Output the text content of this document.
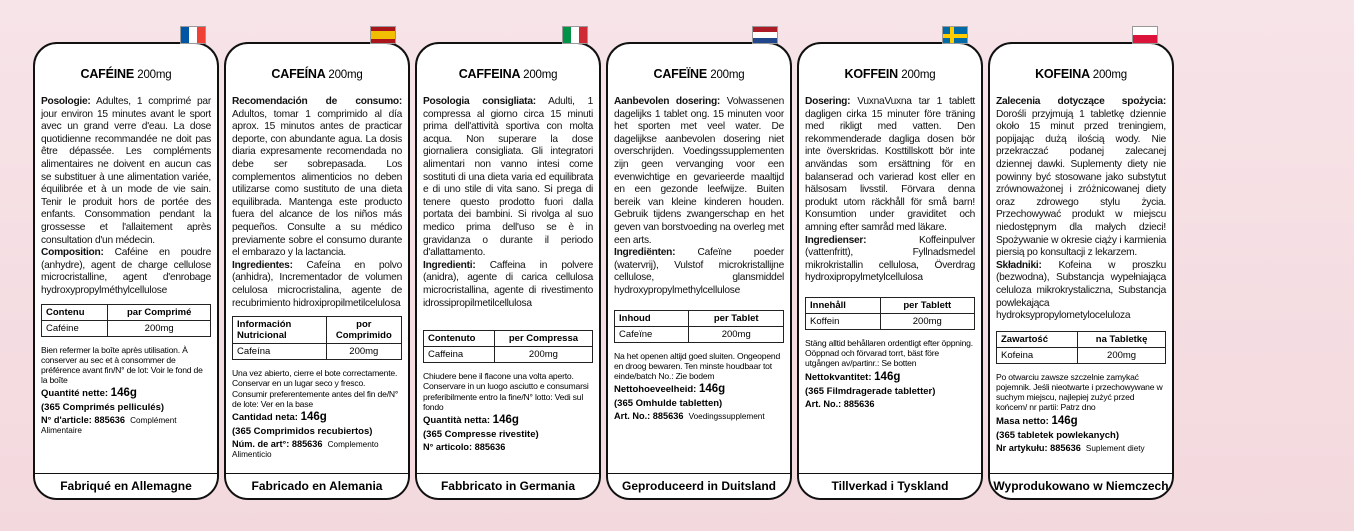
CAFÉINE 200mg

Posologie: Adultes, 1 comprimé par jour environ 15 minutes avant le sport avec un grand verre d'eau. La dose quotidienne recommandée ne doit pas être dépassée. Les compléments alimentaires ne doivent en aucun cas se substituer à une alimentation variée, équilibrée et à un mode de vie sain. Tenir le produit hors de portée des enfants. Consommation pendant la grossesse et l'allaitement après consultation d'un médecin.

Composition: Caféine en poudre (anhydre), agent de charge cellulose microcristalline, agent d'enrobage hydroxypropylméthylcellulose

Contenu	par Comprimé
Caféine	200mg

Bien refermer la boîte après utilisation. À conserver au sec et à consommer de préférence avant fin/N° de lot: Voir le fond de la boîte

Quantité nette: 146g
(365 Comprimés pelliculés)
N° d'article: 885636 Complément Alimentaire
Fabriqué en Allemagne
CAFEÍNA 200mg

Recomendación de consumo: Adultos, tomar 1 comprimido al día aprox. 15 minutos antes de practicar deporte, con abundante agua. La dosis diaria expresamente recomendada no debe ser sobrepasada. Los complementos alimenticios no deben utilizarse como sustituto de una dieta equilibrada. Mantenga este producto fuera del alcance de los niños más pequeños. Consulte a su médico previamente sobre el consumo durante el embarazo y la lactancia.

Ingredientes: Cafeína en polvo (anhidra), Incrementador de volumen celulosa microcristalina, agente de recubrimiento hidroxipropilmetilcelulosa

Información Nutricional	por Comprimido
Cafeína	200mg

Una vez abierto, cierre el bote correctamente. Conservar en un lugar seco y fresco. Consumir preferentemente antes del fin de/N° de lote: Ver en la base

Cantidad neta: 146g
(365 Comprimidos recubiertos)
Núm. de art°: 885636 Complemento Alimenticio
Fabricado en Alemania
CAFFEINA 200mg

Posologia consigliata: Adulti, 1 compressa al giorno circa 15 minuti prima dell'attività sportiva con molta acqua. Non superare la dose giornaliera consigliata. Gli integratori alimentari non vanno intesi come sostituti di una dieta varia ed equilibrata e di uno stile di vita sano. Si prega di tenere questo prodotto fuori dalla portata dei bambini. Si rivolga al suo medico prima dell'uso se è in gravidanza o durante il periodo d'allattamento.

Ingredienti: Caffeina in polvere (anidra), agente di carica cellulosa microcristallina, agente di rivestimento idrossipropilmetilcellulosa

Contenuto	per Compressa
Caffeina	200mg

Chiudere bene il flacone una volta aperto. Conservare in un luogo asciutto e consumarsi preferibilmente entro la fine/N° lotto: Vedi sul fondo

Quantità netta: 146g
(365 Compresse rivestite)
N° articolo: 885636
Fabbricato in Germania
CAFEÏNE 200mg

Aanbevolen dosering: Volwassenen dagelijks 1 tablet ong. 15 minuten voor het sporten met veel water. De dagelijkse aanbevolen dosering niet overschrijden. Voedingssupplementen zijn geen vervanging voor een evenwichtige en gevarieerde maaltijd en een gezonde leefwijze. Buiten bereik van kleine kinderen houden. Gebruik tijdens zwangerschap en het geven van borstvoeding na overleg met een arts.

Ingrediënten: Cafeïne poeder (watervrij), Vulstof microkristallijne cellulose, glansmiddel hydroxypropylmethylcellulose

Inhoud	per Tablet
Cafeïne	200mg

Na het openen altijd goed sluiten. Ongeopend en droog bewaren. Ten minste houdbaar tot einde/batch No.: Zie bodem

Nettohoeveelheid: 146g
(365 Omhulde tabletten)
Art. No.: 885636 Voedingssupplement
Geproduceerd in Duitsland
KOFFEIN 200mg

Dosering: VuxnaVuxna tar 1 tablett dagligen cirka 15 minuter före träning med rikligt med vatten. Den rekommenderade dagliga dosen bör inte överskridas. Kosttillskott bör inte användas som ersättning för en balanserad och varierad kost eller en hälsosam livsstil. Förvara denna produkt utom räckhåll för små barn! Konsumtion under graviditet och amning efter samråd med läkare.

Ingredienser: Koffeinpulver (vattenfritt), Fyllnadsmedel mikrokristallin cellulosa, Överdrag hydroxipropylmetylcellulosa

Innehåll	per Tablett
Koffein	200mg

Stäng alltid behållaren ordentligt efter öppning. Oöppnad och förvarad torrt, bäst före utgången av/partinr.: Se botten

Nettokvantitet: 146g
(365 Filmdragerade tabletter)
Art. No.: 885636
Tillverkad i Tyskland
KOFEINA 200mg

Zalecenia dotyczące spożycia: Dorośli przyjmują 1 tabletkę dziennie około 15 minut przed treningiem, popijając dużą ilością wody. Nie przekraczać podanej zalecanej dziennej dawki. Suplementy diety nie powinny być stosowane jako substytut zrównoważonej i zróżnicowanej diety oraz zdrowego stylu życia. Przechowywać produkt w miejscu niedostępnym dla małych dzieci! Spożywanie w okresie ciąży i karmienia piersią po konsultacji z lekarzem.

Składniki: Kofeina w proszku (bezwodna), Substancja wypełniająca celuloza mikrokrystaliczna, Substancja powlekająca hydroksypropylometyloceluloza

Zawartość	na Tabletkę
Kofeina	200mg

Po otwarciu zawsze szczelnie zamykać pojemnik. Jeśli nieotwarte i przechowywane w suchym miejscu, najlepiej zużyć przed końcem/ nr partii: Patrz dno

Masa netto: 146g
(365 tabletek powlekanych)
Nr artykułu: 885636 Suplement diety
Wyprodukowano w Niemczech
